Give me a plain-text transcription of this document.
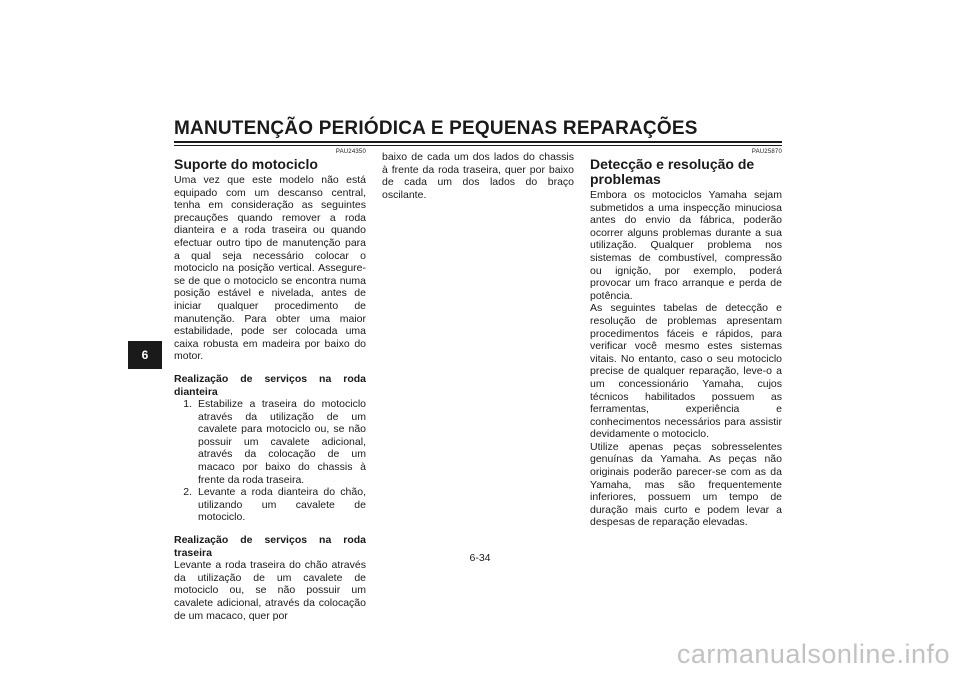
MANUTENÇÃO PERIÓDICA E PEQUENAS REPARAÇÕES
6
PAU24350
Suporte do motociclo

Uma vez que este modelo não está equipado com um descanso central, tenha em consideração as seguintes precauções quando remover a roda dianteira e a roda traseira ou quando efectuar outro tipo de manutenção para a qual seja necessário colocar o motociclo na posição vertical. Assegure-se de que o motociclo se encontra numa posição estável e nivelada, antes de iniciar qualquer procedimento de manutenção. Para obter uma maior estabilidade, pode ser colocada uma caixa robusta em madeira por baixo do motor.

Realização de serviços na roda dianteira

1. Estabilize a traseira do motociclo através da utilização de um cavalete para motociclo ou, se não possuir um cavalete adicional, através da colocação de um macaco por baixo do chassis à frente da roda traseira.
2. Levante a roda dianteira do chão, utilizando um cavalete de motociclo.

Realização de serviços na roda traseira

Levante a roda traseira do chão através da utilização de um cavalete de motociclo ou, se não possuir um cavalete adicional, através da colocação de um macaco, quer por

baixo de cada um dos lados do chassis à frente da roda traseira, quer por baixo de cada um dos lados do braço oscilante.

PAU25870
Detecção e resolução de problemas

Embora os motociclos Yamaha sejam submetidos a uma inspecção minuciosa antes do envio da fábrica, poderão ocorrer alguns problemas durante a sua utilização. Qualquer problema nos sistemas de combustível, compressão ou ignição, por exemplo, poderá provocar um fraco arranque e perda de potência.

As seguintes tabelas de detecção e resolução de problemas apresentam procedimentos fáceis e rápidos, para verificar você mesmo estes sistemas vitais. No entanto, caso o seu motociclo precise de qualquer reparação, leve-o a um concessionário Yamaha, cujos técnicos habilitados possuem as ferramentas, experiência e conhecimentos necessários para assistir devidamente o motociclo.

Utilize apenas peças sobresselentes genuínas da Yamaha. As peças não originais poderão parecer-se com as da Yamaha, mas são frequentemente inferiores, possuem um tempo de duração mais curto e podem levar a despesas de reparação elevadas.

6-34
carmanualsonline.info
